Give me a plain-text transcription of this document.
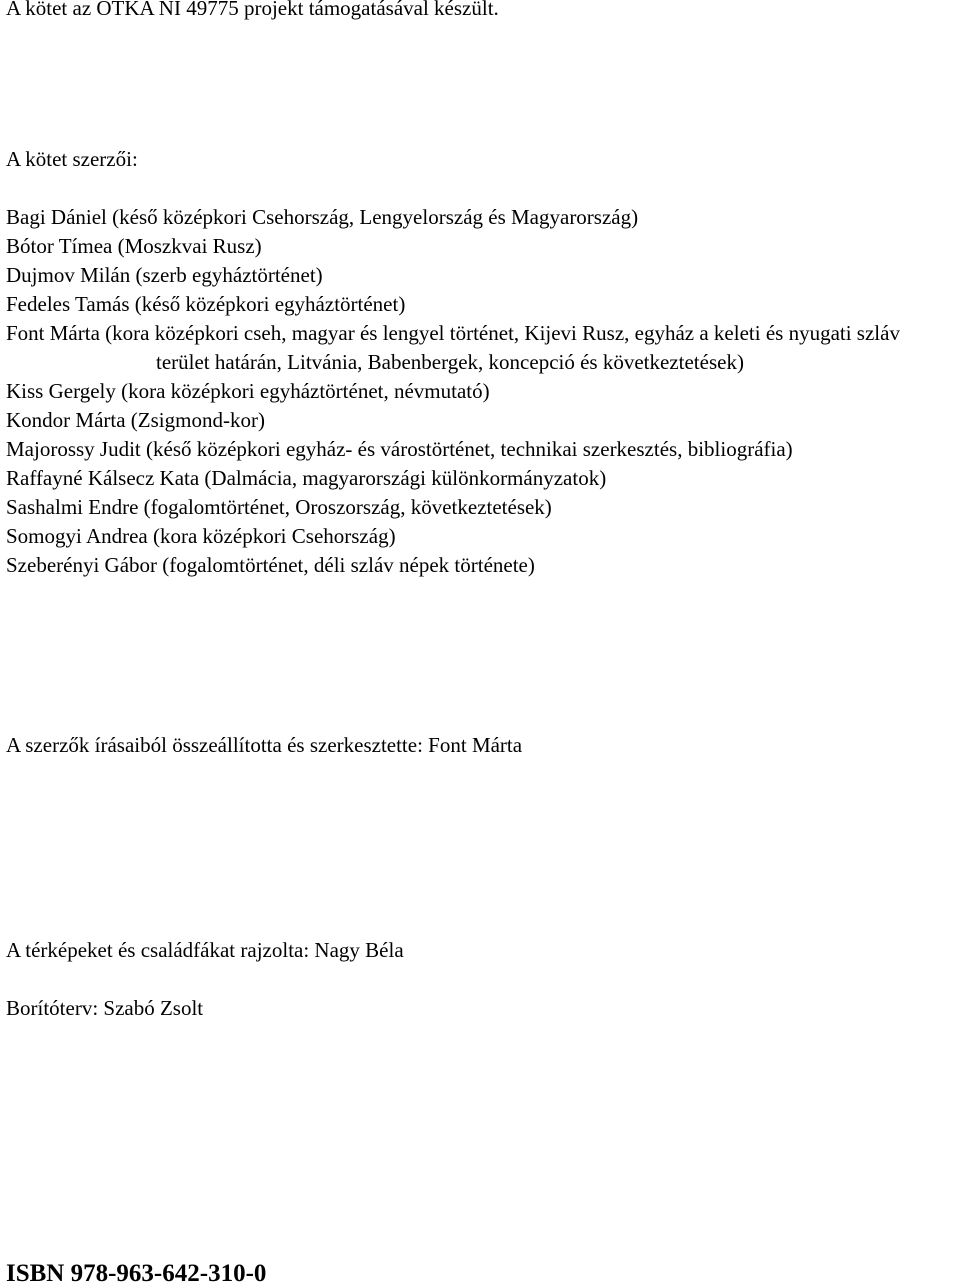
A kötet az OTKA NI 49775 projekt támogatásával készült.
A kötet szerzői:
Bagi Dániel (késő középkori Csehország, Lengyelország és Magyarország)
Bótor Tímea (Moszkvai Rusz)
Dujmov Milán (szerb egyháztörténet)
Fedeles Tamás (késő középkori egyháztörténet)
Font Márta (kora középkori cseh, magyar és lengyel történet, Kijevi Rusz, egyház a keleti és nyugati szláv terület határán, Litvánia, Babenbergek, koncepció és következtetések)
Kiss Gergely (kora középkori egyháztörténet, névmutató)
Kondor Márta (Zsigmond-kor)
Majorossy Judit (késő középkori egyház- és várostörténet, technikai szerkesztés, bibliográfia)
Raffayné Kálsecz Kata (Dalmácia, magyarországi különkormányzatok)
Sashalmi Endre (fogalomtörténet, Oroszország, következtetések)
Somogyi Andrea (kora középkori Csehország)
Szeberényi Gábor (fogalomtörténet, déli szláv népek története)
A szerzők írásaiból összeállította és szerkesztette: Font Márta
A térképeket és családfákat rajzolta: Nagy Béla
Borítóterv: Szabó Zsolt
ISBN 978-963-642-310-0
